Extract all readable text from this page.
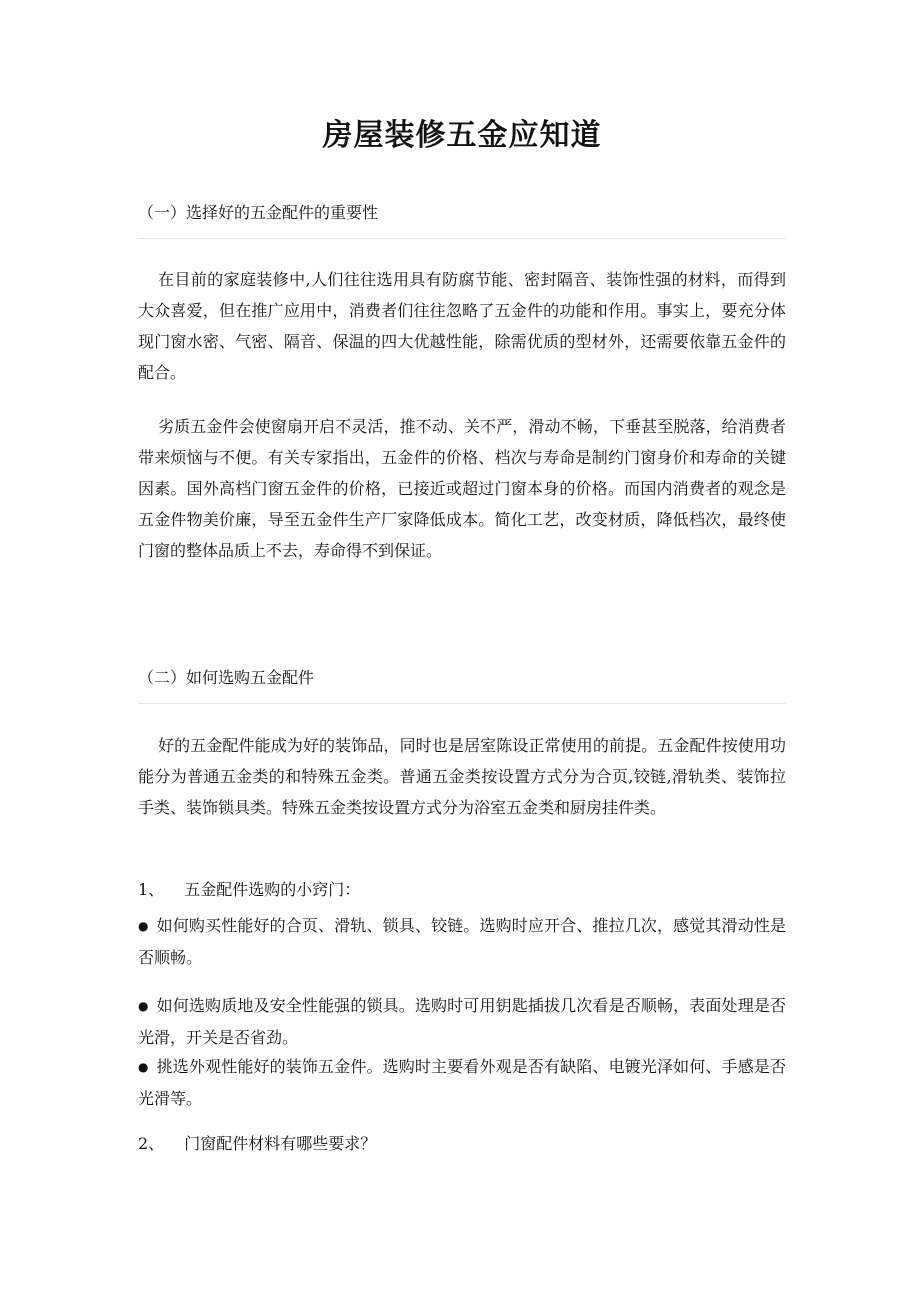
房屋装修五金应知道
（一）选择好的五金配件的重要性

在目前的家庭装修中,人们往往选用具有防腐节能、密封隔音、装饰性强的材料，而得到大众喜爱，但在推广应用中，消费者们往往忽略了五金件的功能和作用。事实上，要充分体现门窗水密、气密、隔音、保温的四大优越性能，除需优质的型材外，还需要依靠五金件的配合。

劣质五金件会使窗扇开启不灵活，推不动、关不严，滑动不畅，下垂甚至脱落，给消费者带来烦恼与不便。有关专家指出，五金件的价格、档次与寿命是制约门窗身价和寿命的关键因素。国外高档门窗五金件的价格，已接近或超过门窗本身的价格。而国内消费者的观念是五金件物美价廉，导至五金件生产厂家降低成本。简化工艺，改变材质，降低档次，最终使门窗的整体品质上不去，寿命得不到保证。

（二）如何选购五金配件

好的五金配件能成为好的装饰品，同时也是居室陈设正常使用的前提。五金配件按使用功能分为普通五金类的和特殊五金类。普通五金类按设置方式分为合页,铰链,滑轨类、装饰拉手类、装饰锁具类。特殊五金类按设置方式分为浴室五金类和厨房挂件类。

1、 五金配件选购的小窍门：

● 如何购买性能好的合页、滑轨、锁具、铰链。选购时应开合、推拉几次，感觉其滑动性是否顺畅。

● 如何选购质地及安全性能强的锁具。选购时可用钥匙插拔几次看是否顺畅，表面处理是否光滑，开关是否省劲。

● 挑选外观性能好的装饰五金件。选购时主要看外观是否有缺陷、电镀光泽如何、手感是否光滑等。

2、 门窗配件材料有哪些要求？
